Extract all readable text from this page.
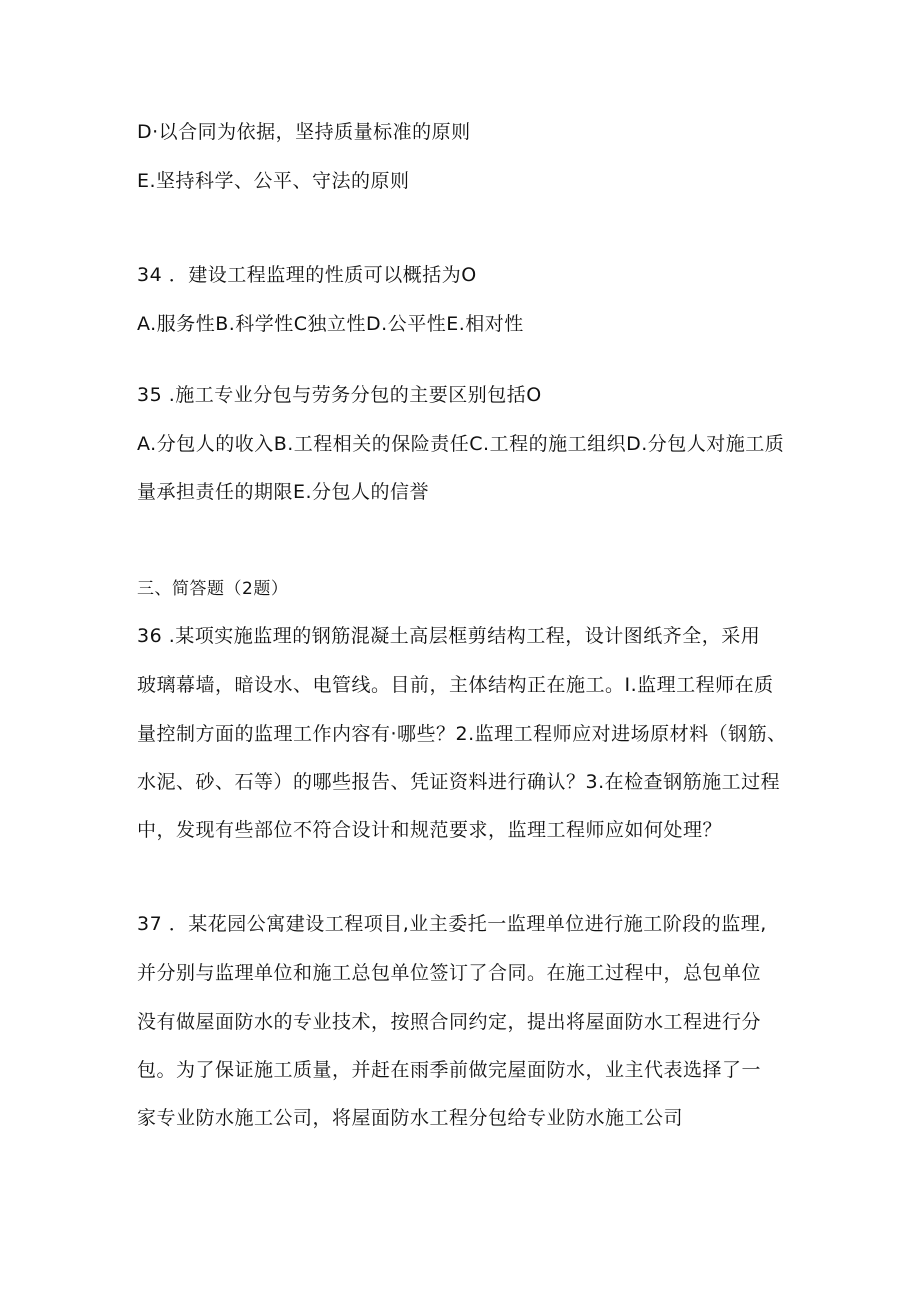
D·以合同为依据，坚持质量标准的原则
E.坚持科学、公平、守法的原则
34 ．建设工程监理的性质可以概括为O
A.服务性B.科学性C独立性D.公平性E.相对性
35 .施工专业分包与劳务分包的主要区别包括O
A.分包人的收入B.工程相关的保险责任C.工程的施工组织D.分包人对施工质
量承担责任的期限E.分包人的信誉
三、简答题（2题）
36 .某项实施监理的钢筋混凝土高层框剪结构工程，设计图纸齐全，采用
玻璃幕墙，暗设水、电管线。目前，主体结构正在施工。I.监理工程师在质
量控制方面的监理工作内容有·哪些？2.监理工程师应对进场原材料（钢筋、
水泥、砂、石等）的哪些报告、凭证资料进行确认？3.在检查钢筋施工过程
中，发现有些部位不符合设计和规范要求，监理工程师应如何处理？
37 ．某花园公寓建设工程项目,业主委托一监理单位进行施工阶段的监理,
并分别与监理单位和施工总包单位签订了合同。在施工过程中，总包单位
没有做屋面防水的专业技术，按照合同约定，提出将屋面防水工程进行分
包。为了保证施工质量，并赶在雨季前做完屋面防水，业主代表选择了一
家专业防水施工公司，将屋面防水工程分包给专业防水施工公司
